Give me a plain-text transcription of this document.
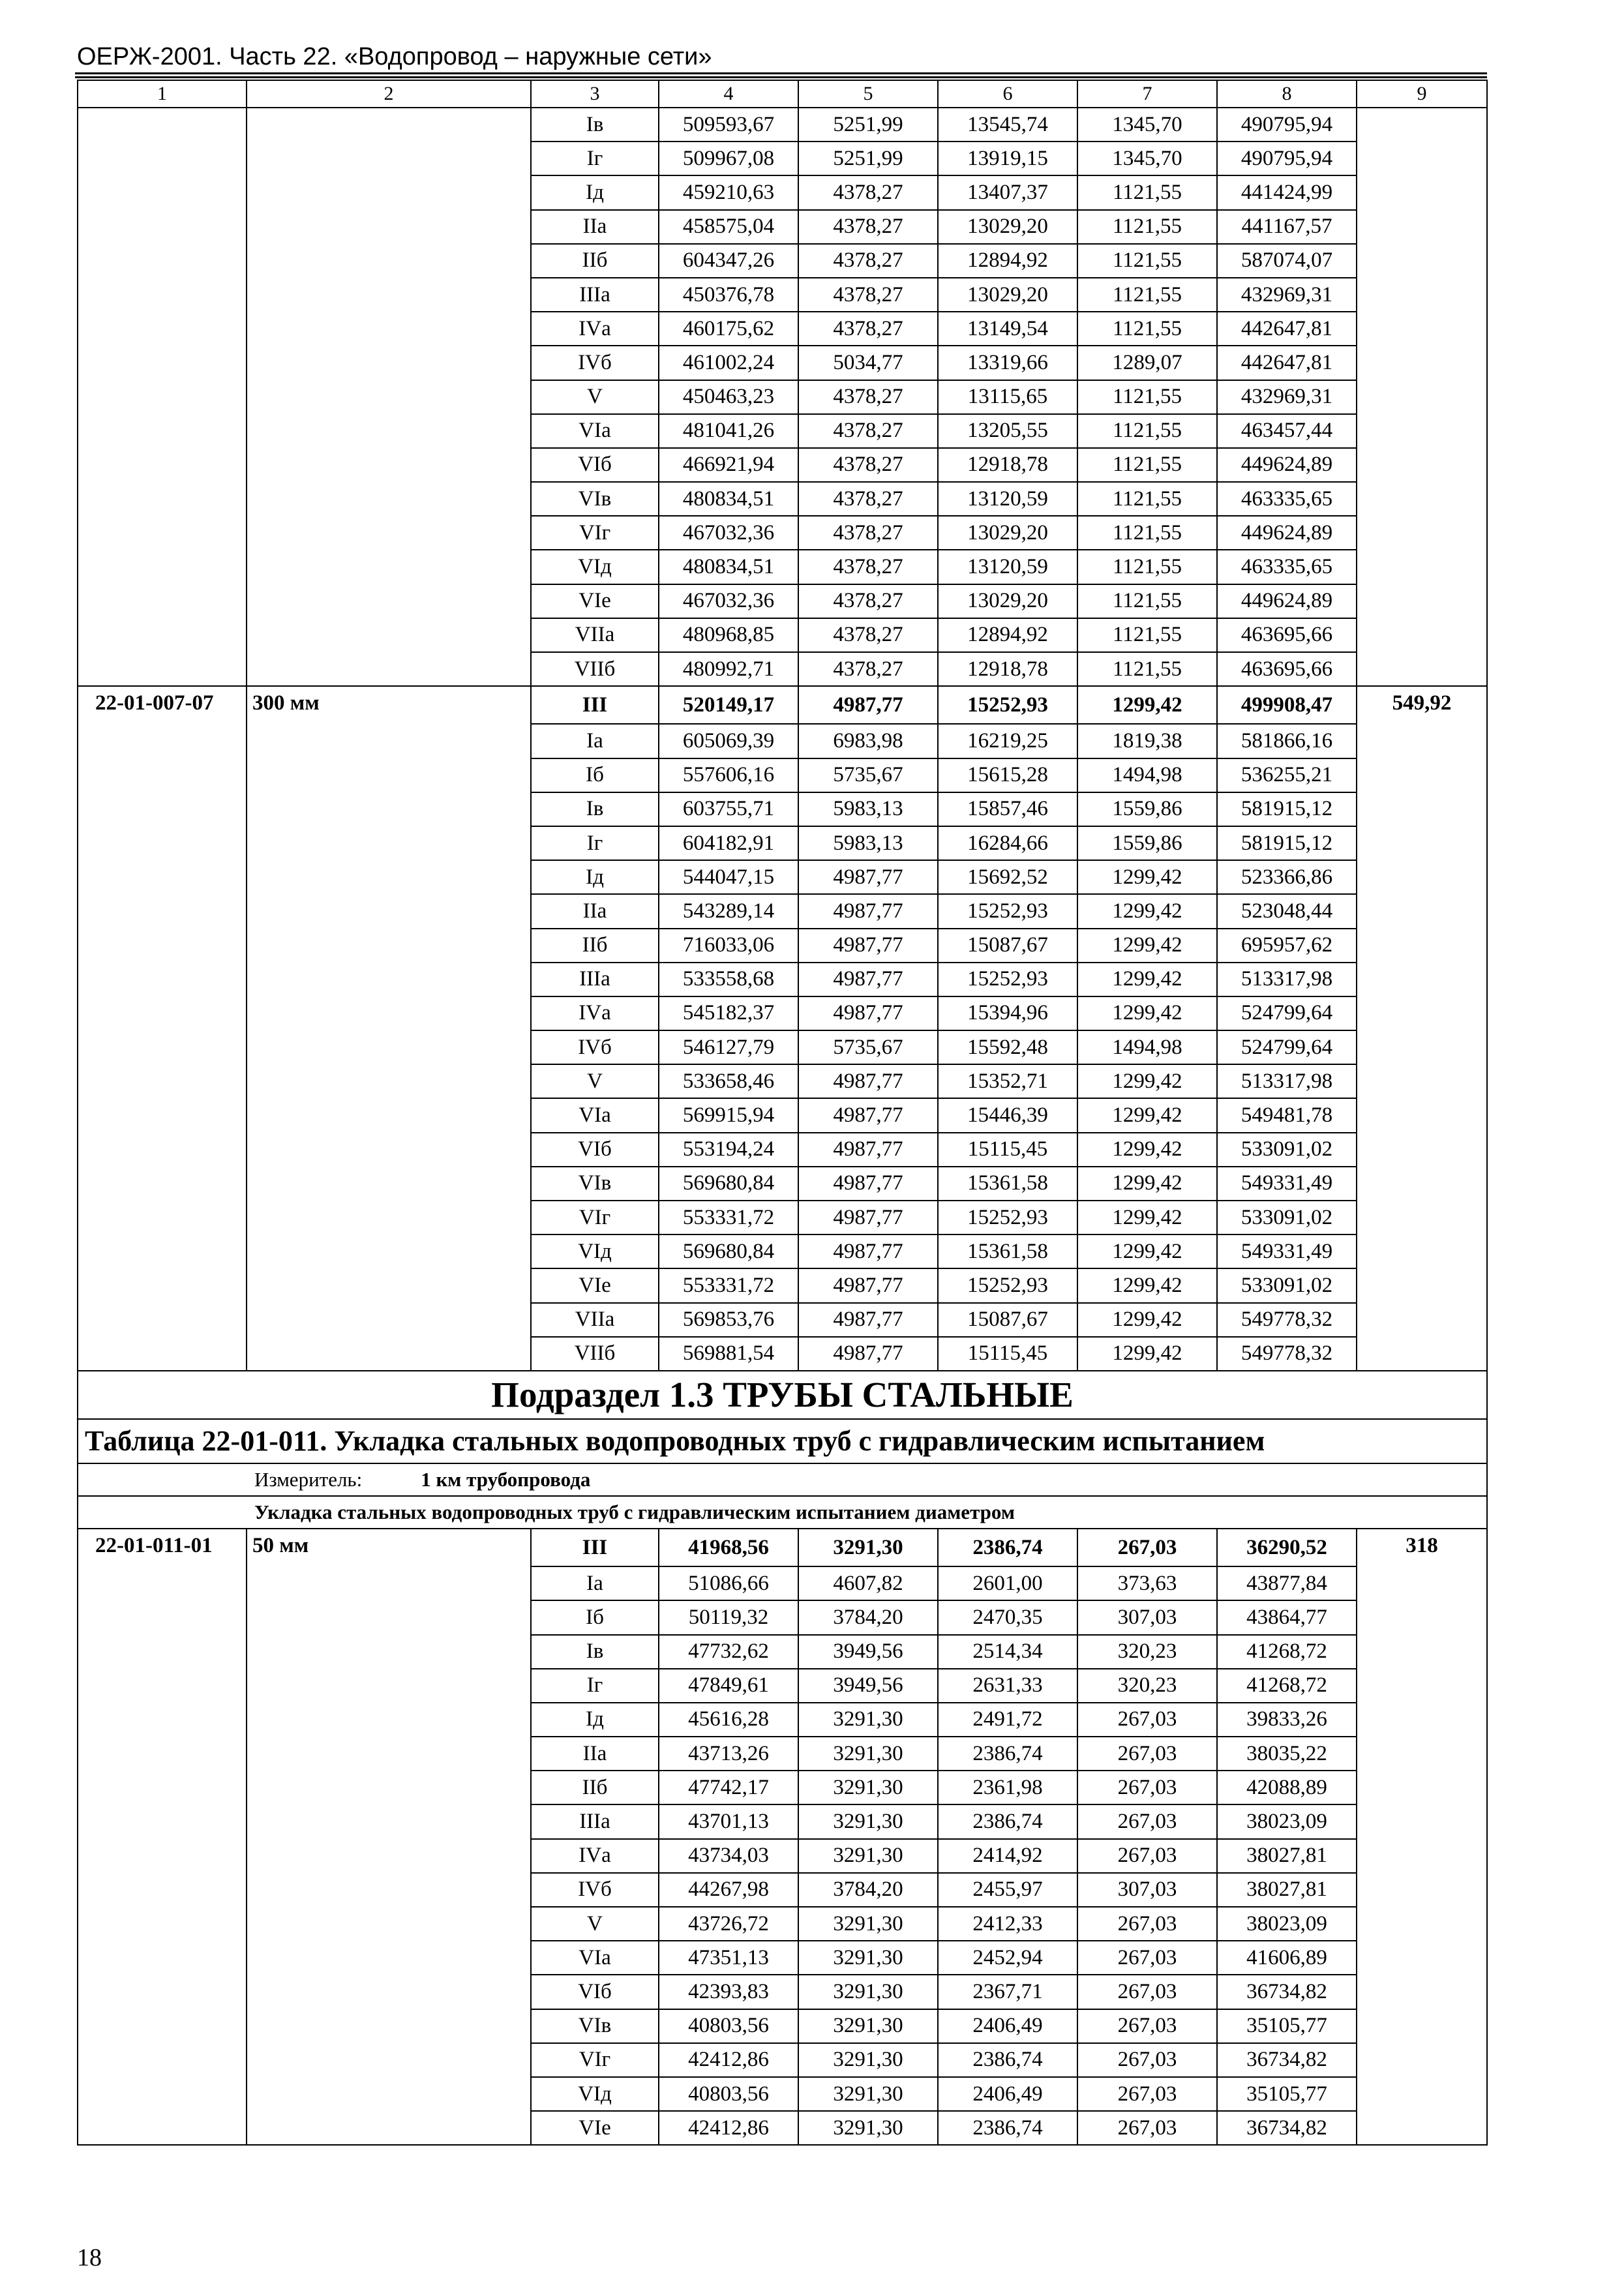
ОЕРЖ-2001. Часть 22. «Водопровод – наружные сети»
1	2	3	4	5	6	7	8	9
		Iв	509593,67	5251,99	13545,74	1345,70	490795,94	
		Iг	509967,08	5251,99	13919,15	1345,70	490795,94	
		Iд	459210,63	4378,27	13407,37	1121,55	441424,99	
		IIа	458575,04	4378,27	13029,20	1121,55	441167,57	
		IIб	604347,26	4378,27	12894,92	1121,55	587074,07	
		IIIа	450376,78	4378,27	13029,20	1121,55	432969,31	
		IVа	460175,62	4378,27	13149,54	1121,55	442647,81	
		IVб	461002,24	5034,77	13319,66	1289,07	442647,81	
		V	450463,23	4378,27	13115,65	1121,55	432969,31	
		VIа	481041,26	4378,27	13205,55	1121,55	463457,44	
		VIб	466921,94	4378,27	12918,78	1121,55	449624,89	
		VIв	480834,51	4378,27	13120,59	1121,55	463335,65	
		VIг	467032,36	4378,27	13029,20	1121,55	449624,89	
		VIд	480834,51	4378,27	13120,59	1121,55	463335,65	
		VIе	467032,36	4378,27	13029,20	1121,55	449624,89	
		VIIа	480968,85	4378,27	12894,92	1121,55	463695,66	
		VIIб	480992,71	4378,27	12918,78	1121,55	463695,66	
22-01-007-07	300 мм	III	520149,17	4987,77	15252,93	1299,42	499908,47	549,92
		Iа	605069,39	6983,98	16219,25	1819,38	581866,16	
		Iб	557606,16	5735,67	15615,28	1494,98	536255,21	
		Iв	603755,71	5983,13	15857,46	1559,86	581915,12	
		Iг	604182,91	5983,13	16284,66	1559,86	581915,12	
		Iд	544047,15	4987,77	15692,52	1299,42	523366,86	
		IIа	543289,14	4987,77	15252,93	1299,42	523048,44	
		IIб	716033,06	4987,77	15087,67	1299,42	695957,62	
		IIIа	533558,68	4987,77	15252,93	1299,42	513317,98	
		IVа	545182,37	4987,77	15394,96	1299,42	524799,64	
		IVб	546127,79	5735,67	15592,48	1494,98	524799,64	
		V	533658,46	4987,77	15352,71	1299,42	513317,98	
		VIа	569915,94	4987,77	15446,39	1299,42	549481,78	
		VIб	553194,24	4987,77	15115,45	1299,42	533091,02	
		VIв	569680,84	4987,77	15361,58	1299,42	549331,49	
		VIг	553331,72	4987,77	15252,93	1299,42	533091,02	
		VIд	569680,84	4987,77	15361,58	1299,42	549331,49	
		VIе	553331,72	4987,77	15252,93	1299,42	533091,02	
		VIIа	569853,76	4987,77	15087,67	1299,42	549778,32	
		VIIб	569881,54	4987,77	15115,45	1299,42	549778,32	
Подраздел 1.3 ТРУБЫ СТАЛЬНЫЕ								
Таблица 22-01-011. Укладка стальных водопроводных труб с гидравлическим испытанием								
Измеритель: 1 км трубопровода								
Укладка стальных водопроводных труб с гидравлическим испытанием диаметром								
22-01-011-01	50 мм	III	41968,56	3291,30	2386,74	267,03	36290,52	318
		Iа	51086,66	4607,82	2601,00	373,63	43877,84	
		Iб	50119,32	3784,20	2470,35	307,03	43864,77	
		Iв	47732,62	3949,56	2514,34	320,23	41268,72	
		Iг	47849,61	3949,56	2631,33	320,23	41268,72	
		Iд	45616,28	3291,30	2491,72	267,03	39833,26	
		IIа	43713,26	3291,30	2386,74	267,03	38035,22	
		IIб	47742,17	3291,30	2361,98	267,03	42088,89	
		IIIа	43701,13	3291,30	2386,74	267,03	38023,09	
		IVа	43734,03	3291,30	2414,92	267,03	38027,81	
		IVб	44267,98	3784,20	2455,97	307,03	38027,81	
		V	43726,72	3291,30	2412,33	267,03	38023,09	
		VIа	47351,13	3291,30	2452,94	267,03	41606,89	
		VIб	42393,83	3291,30	2367,71	267,03	36734,82	
		VIв	40803,56	3291,30	2406,49	267,03	35105,77	
		VIг	42412,86	3291,30	2386,74	267,03	36734,82	
		VIд	40803,56	3291,30	2406,49	267,03	35105,77	
		VIе	42412,86	3291,30	2386,74	267,03	36734,82	
18
